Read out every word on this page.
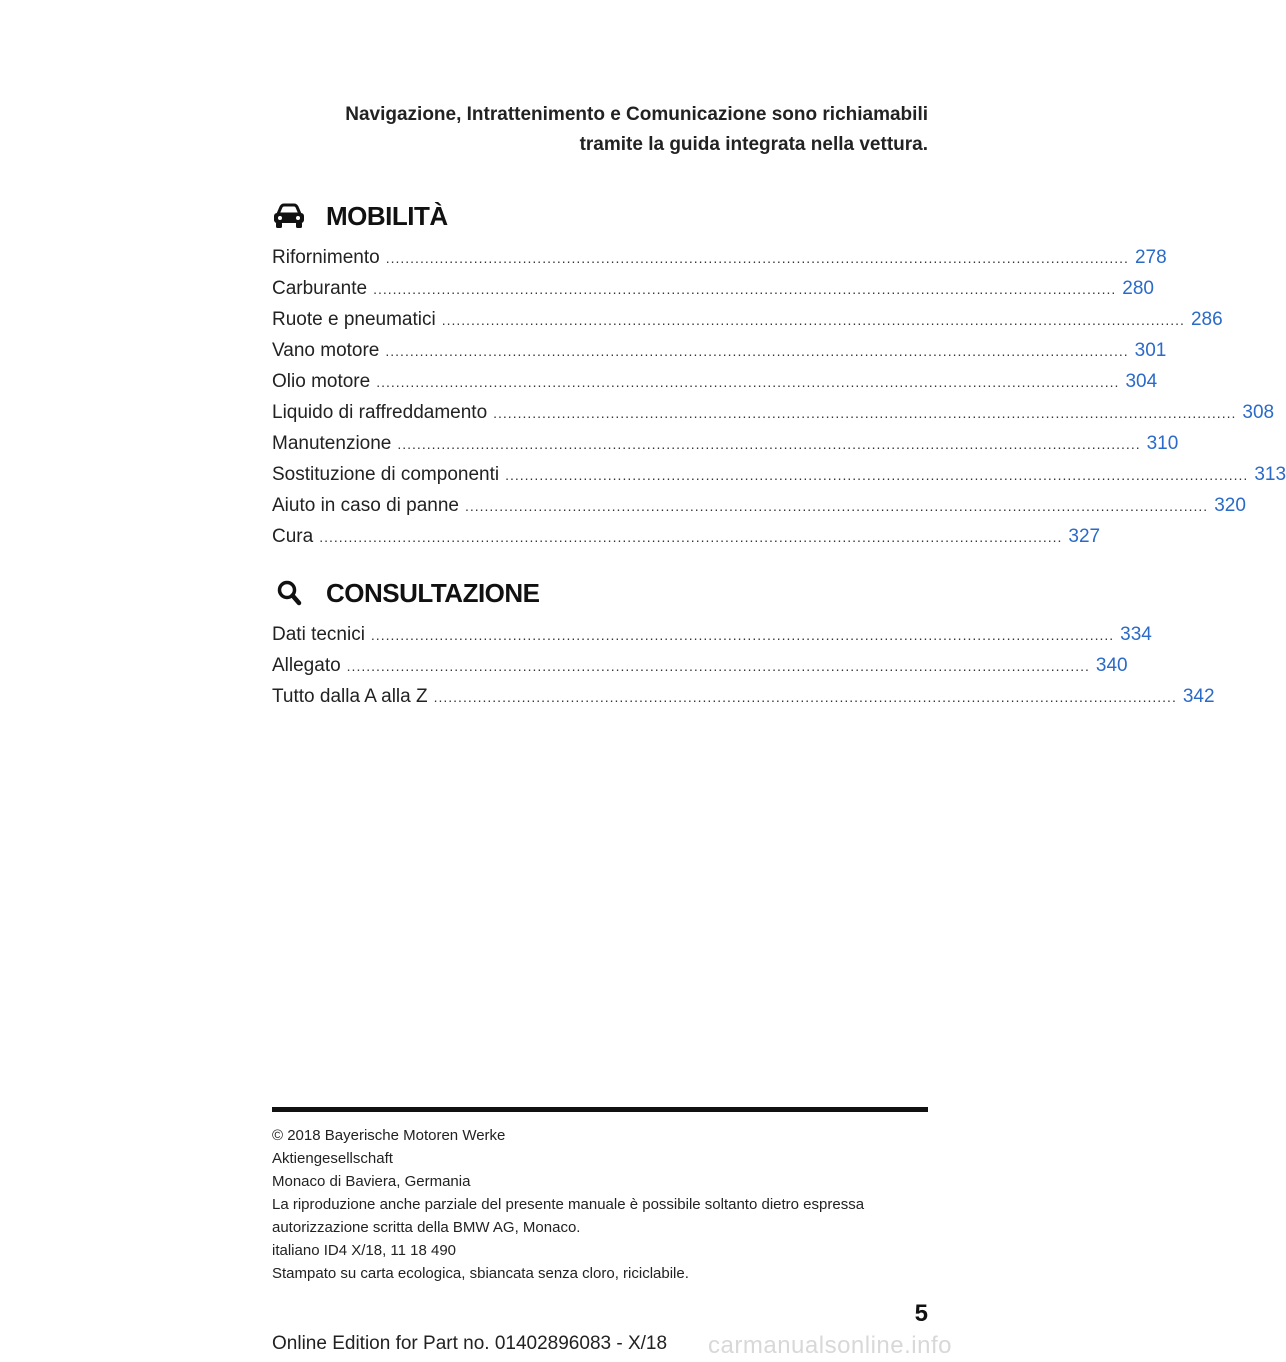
Navigazione, Intrattenimento e Comunicazione sono richiamabili
tramite la guida integrata nella vettura.
MOBILITÀ
Rifornimento ........................................................................................................................................................ 278
Carburante ........................................................................................................................................................ 280
Ruote e pneumatici ........................................................................................................................................................ 286
Vano motore ........................................................................................................................................................ 301
Olio motore ........................................................................................................................................................ 304
Liquido di raffreddamento ........................................................................................................................................................ 308
Manutenzione ........................................................................................................................................................ 310
Sostituzione di componenti ........................................................................................................................................................ 313
Aiuto in caso di panne ........................................................................................................................................................ 320
Cura ........................................................................................................................................................ 327
CONSULTAZIONE
Dati tecnici ........................................................................................................................................................ 334
Allegato ........................................................................................................................................................ 340
Tutto dalla A alla Z ........................................................................................................................................................ 342
© 2018 Bayerische Motoren Werke
Aktiengesellschaft
Monaco di Baviera, Germania
La riproduzione anche parziale del presente manuale è possibile soltanto dietro espressa
autorizzazione scritta della BMW AG, Monaco.
italiano ID4 X/18, 11 18 490
Stampato su carta ecologica, sbiancata senza cloro, riciclabile.
5
Online Edition for Part no. 01402896083 - X/18 carmanualsonline.info
